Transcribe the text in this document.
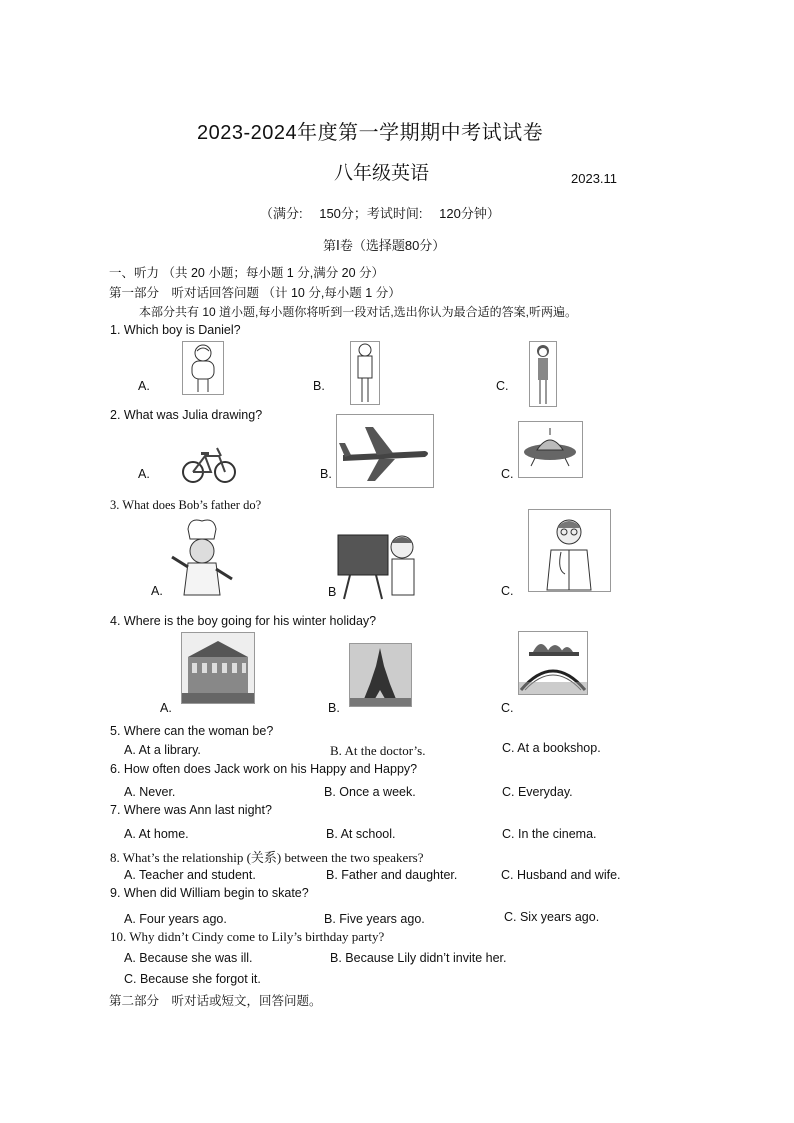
2023-2024年度第一学期期中考试试卷
八年级英语	2023.11
（满分:　 150分；考试时间:　 120分钟）
第Ⅰ卷（选择题80分）
一、听力 （共 20 小题；每小题 1 分,满分 20 分）
第一部分　听对话回答问题 （计 10 分,每小题 1 分）
本部分共有 10 道小题,每小题你将听到一段对话,选出你认为最合适的答案,听两遍。
1. Which boy is Daniel?
A.	B.	C.
2. What was Julia drawing?
A.	B.	C.
3. What does Bob’s father do?
A.	B	C.
4. Where is the boy going for his winter holiday?
A.	B.	C.
5. Where can the woman be?
A. At a library.	B. At the doctor’s.	C. At a bookshop.
6. How often does Jack work on his Happy and Happy?
A. Never.	B. Once a week.	C. Everyday.
7. Where was Ann last night?
A. At home.	B. At school.	C. In the cinema.
8. What’s the relationship (关系) between the two speakers?
A. Teacher and student.	B. Father and daughter.	C. Husband and wife.
9. When did William begin to skate?
A. Four years ago.	B. Five years ago.	C. Six years ago.
10. Why didn’t Cindy come to Lily’s birthday party?
A. Because she was ill.	B. Because Lily didn’t invite her.
C. Because she forgot it.
第二部分　听对话或短文，回答问题。
